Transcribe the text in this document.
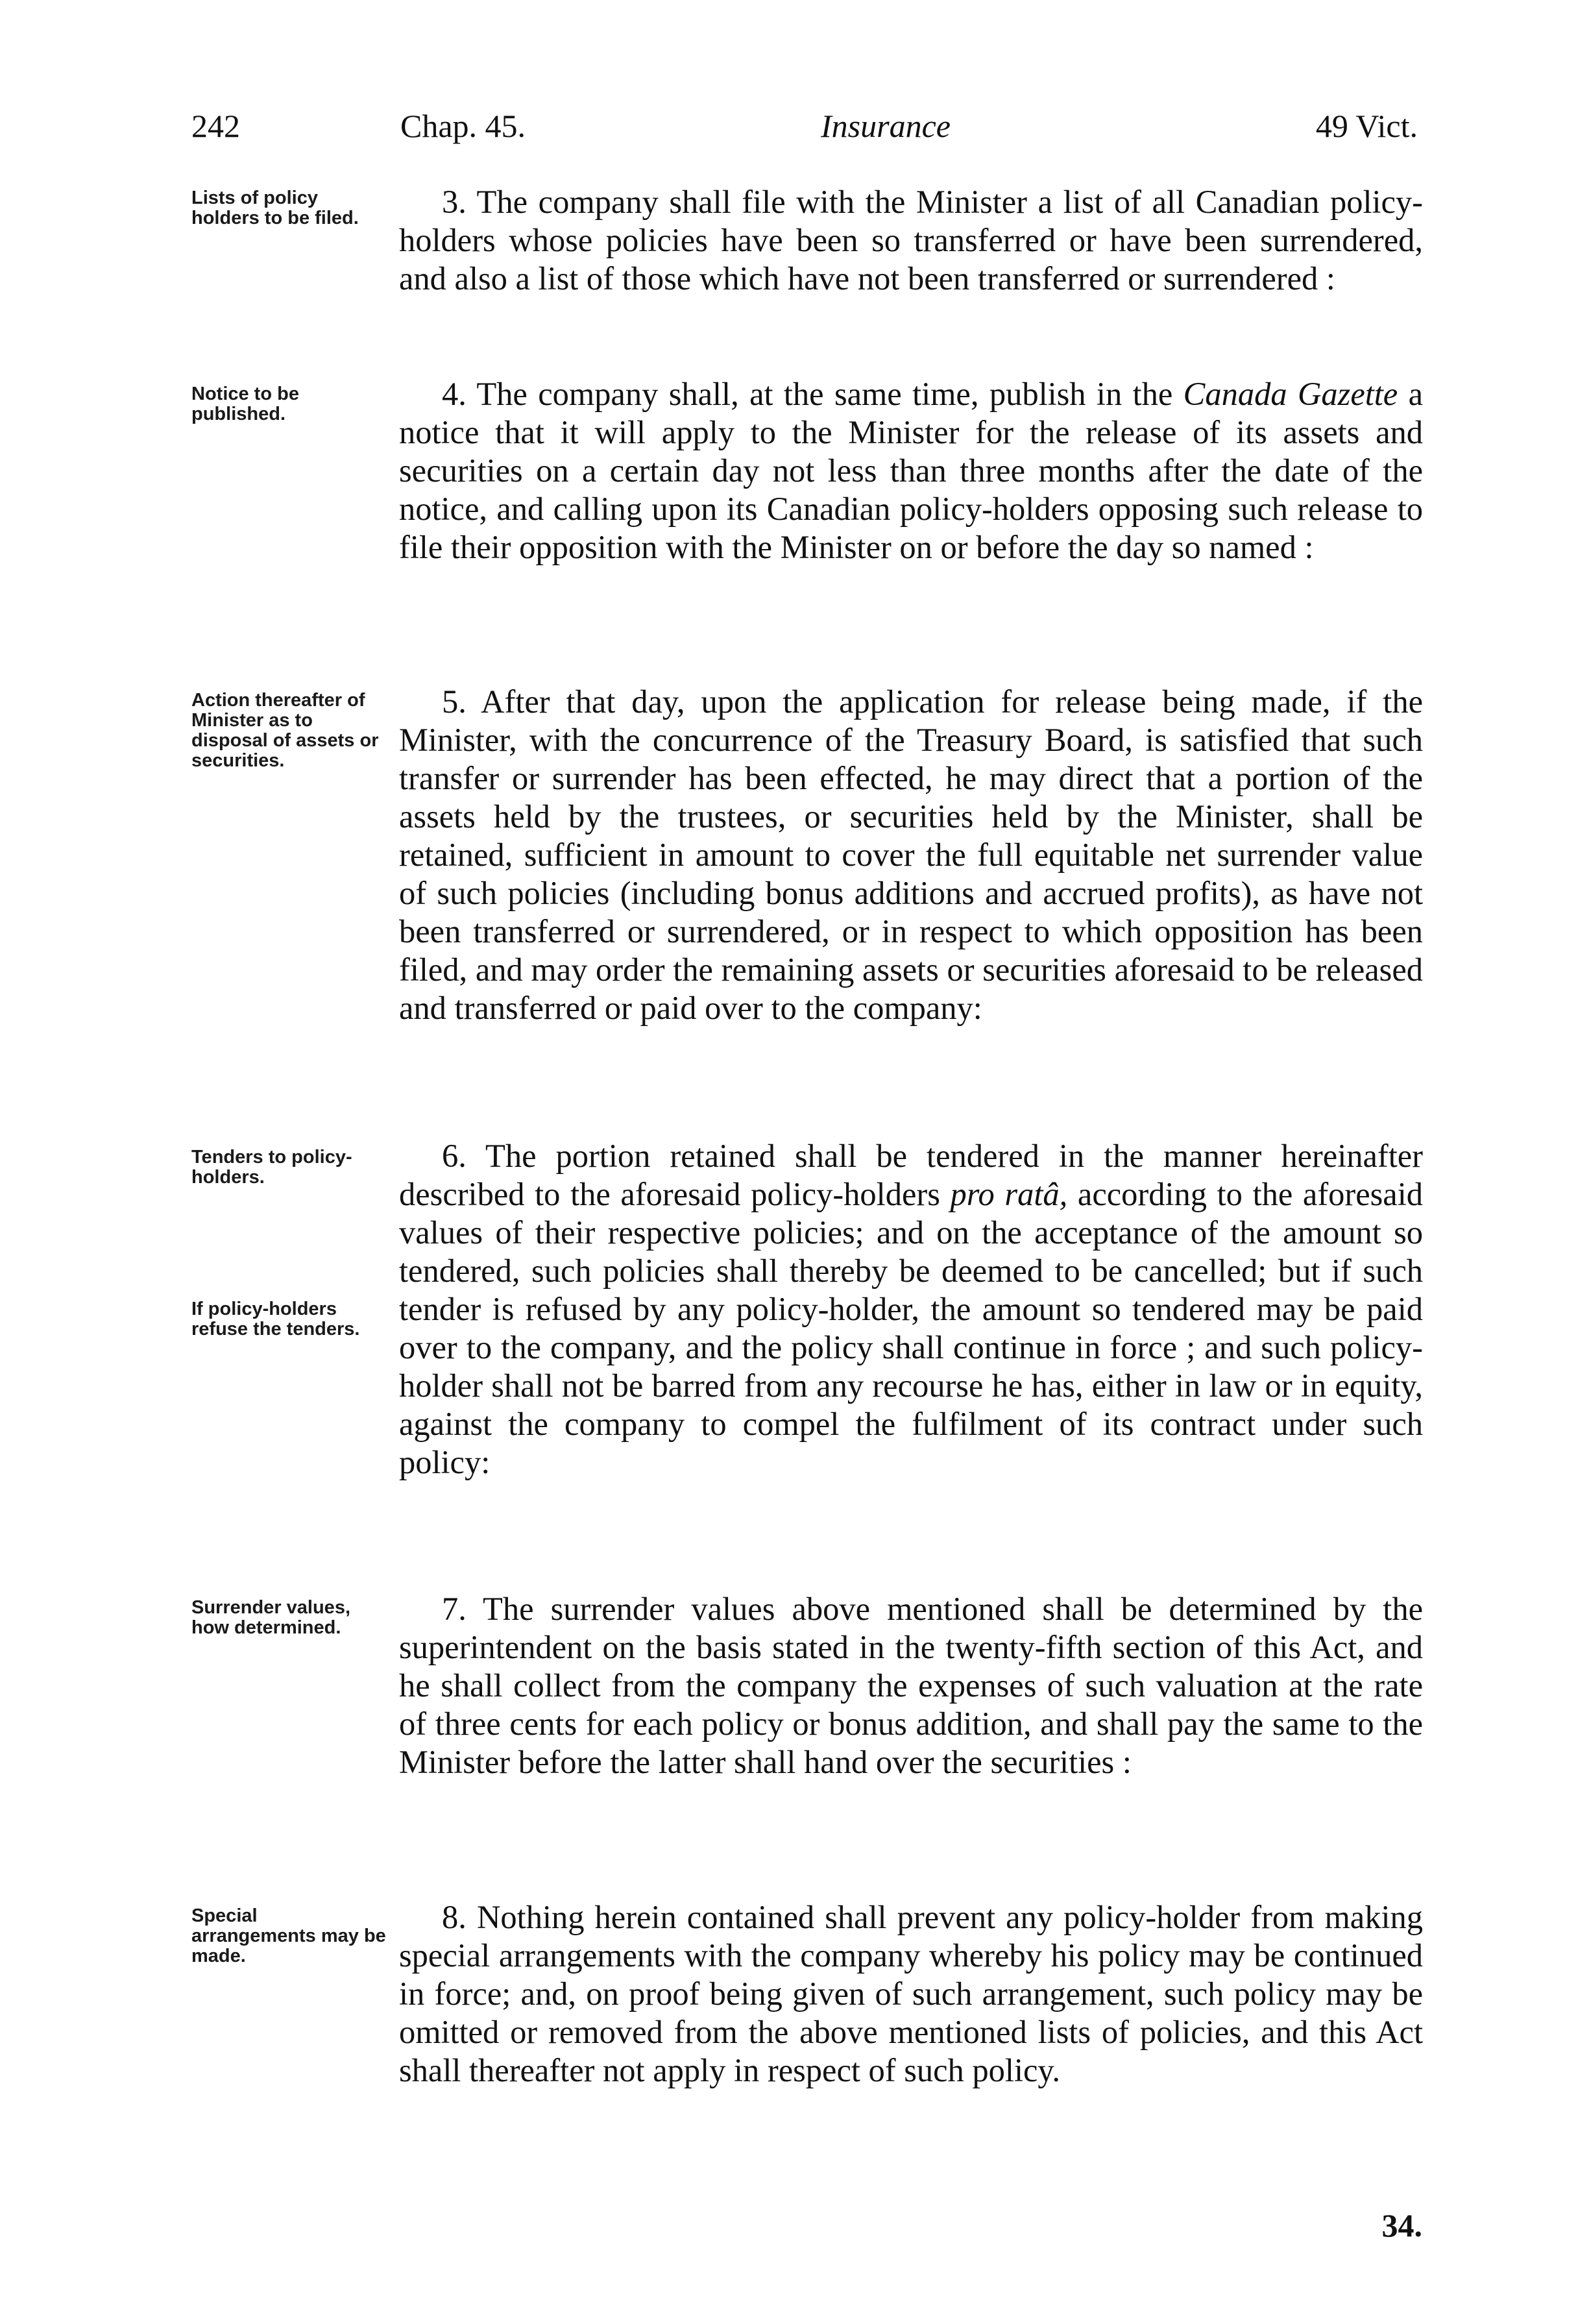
242	Chap. 45.	Insurance	49 Vict.
Lists of policy holders to be filed.	3. The company shall file with the Minister a list of all Canadian policy-holders whose policies have been so transferred or have been surrendered, and also a list of those which have not been transferred or surrendered :
Notice to be published.
4. The company shall, at the same time, publish in the Canada Gazette a notice that it will apply to the Minister for the release of its assets and securities on a certain day not less than three months after the date of the notice, and calling upon its Canadian policy-holders opposing such release to file their opposition with the Minister on or before the day so named :
Action thereafter of Minister as to disposal of assets or securities.
5. After that day, upon the application for release being made, if the Minister, with the concurrence of the Treasury Board, is satisfied that such transfer or surrender has been effected, he may direct that a portion of the assets held by the trustees, or securities held by the Minister, shall be retained, sufficient in amount to cover the full equitable net surrender value of such policies (including bonus additions and accrued profits), as have not been transferred or surrendered, or in respect to which opposition has been filed, and may order the remaining assets or securities aforesaid to be released and transferred or paid over to the company:
Tenders to policy-holders.
If policy-holders refuse the tenders.
6. The portion retained shall be tendered in the manner hereinafter described to the aforesaid policy-holders pro ratâ, according to the aforesaid values of their respective policies; and on the acceptance of the amount so tendered, such policies shall thereby be deemed to be cancelled; but if such tender is refused by any policy-holder, the amount so tendered may be paid over to the company, and the policy shall continue in force ; and such policy-holder shall not be barred from any recourse he has, either in law or in equity, against the company to compel the fulfilment of its contract under such policy:
Surrender values, how determined.
7. The surrender values above mentioned shall be determined by the superintendent on the basis stated in the twenty-fifth section of this Act, and he shall collect from the company the expenses of such valuation at the rate of three cents for each policy or bonus addition, and shall pay the same to the Minister before the latter shall hand over the securities :
Special arrangements may be made.
8. Nothing herein contained shall prevent any policy-holder from making special arrangements with the company whereby his policy may be continued in force; and, on proof being given of such arrangement, such policy may be omitted or removed from the above mentioned lists of policies, and this Act shall thereafter not apply in respect of such policy.
34.
